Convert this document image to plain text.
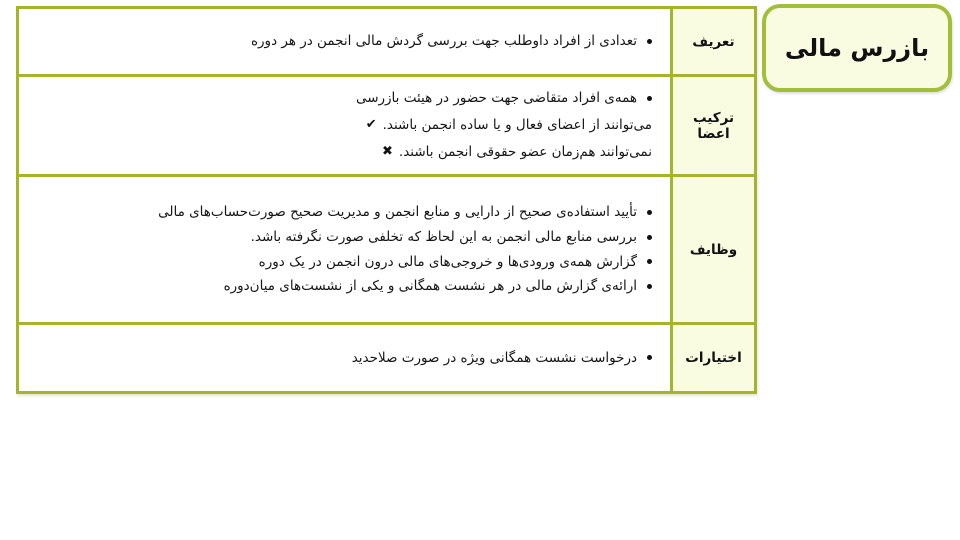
تعدادی از افراد داوطلب جهت بررسی گردش مالی انجمن در هر دوره	تعریف
همه‌ی افراد متقاضی جهت حضور در هیئت بازرسی
می‌توانند از اعضای فعال و یا ساده انجمن باشند.
✔
نمی‌توانند هم‌زمان عضو حقوقی انجمن باشند.
✖
ترکیب اعضا
تأیید استفاده‌ی صحیح از دارایی و منابع انجمن و مدیریت صحیح صورت‌حساب‌های مالی
بررسی منابع مالی انجمن به این لحاظ که تخلفی صورت نگرفته باشد.
گزارش همه‌ی ورودی‌ها و خروجی‌های مالی درون انجمن در یک دوره
ارائه‌ی گزارش مالی در هر نشست همگانی و یکی از نشست‌های میان‌دوره
وظایف
درخواست نشست همگانی ویژه در صورت صلاحدید	اختیارات
بازرس مالی
